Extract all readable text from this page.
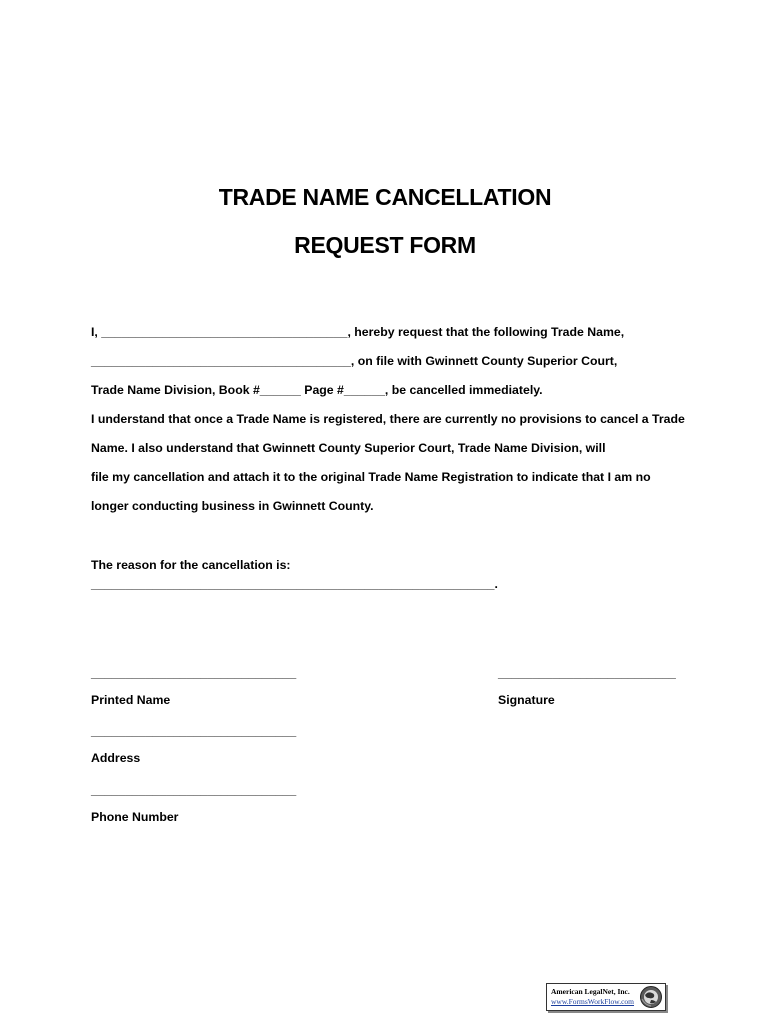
TRADE NAME CANCELLATION
REQUEST FORM
I, ____________________________________, hereby request that the following Trade Name,
______________________________________, on file with Gwinnett County Superior Court,
Trade Name Division, Book #______ Page #______, be cancelled immediately.
I understand that once a Trade Name is registered, there are currently no provisions to cancel a Trade
Name. I also understand that Gwinnett County Superior Court, Trade Name Division, will
file my cancellation and attach it to the original Trade Name Registration to indicate that I am no
longer conducting business in Gwinnett County.
The reason for the cancellation is:
___________________________________________________________.
______________________________
Printed Name
__________________________
Signature
______________________________
Address
______________________________
Phone Number
American LegalNet, Inc.
www.FormsWorkFlow.com
